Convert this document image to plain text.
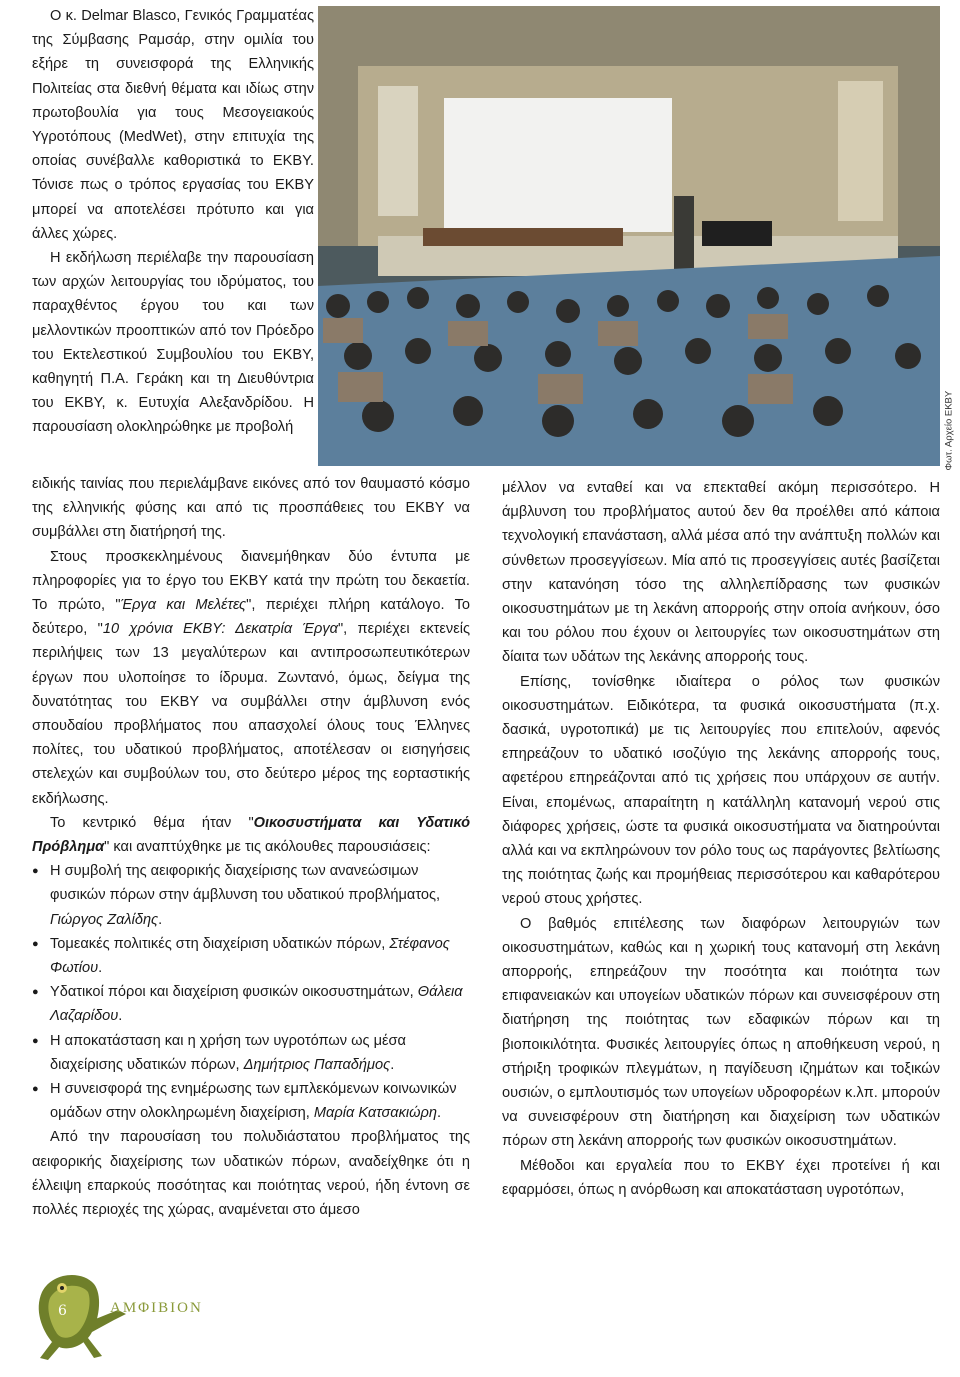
Ο κ. Delmar Blasco, Γενικός Γραμματέας της Σύμβασης Ραμσάρ, στην ομιλία του εξήρε τη συνεισφορά της Ελληνικής Πολιτείας στα διεθνή θέματα και ιδίως στην πρωτοβουλία για τους Μεσογειακούς Υγροτόπους (MedWet), στην επιτυχία της οποίας συνέβαλλε καθοριστικά το ΕΚΒΥ. Τόνισε πως ο τρόπος εργασίας του ΕΚΒΥ μπορεί να αποτελέσει πρότυπο και για άλλες χώρες.

Η εκδήλωση περιέλαβε την παρουσίαση των αρχών λειτουργίας του ιδρύματος, του παραχθέντος έργου του και των μελλοντικών προοπτικών από τον Πρόεδρο του Εκτελεστικού Συμβουλίου του ΕΚΒΥ, καθηγητή Π.Α. Γεράκη και τη Διευθύντρια του ΕΚΒΥ, κ. Ευτυχία Αλεξανδρίδου. Η παρουσίαση ολοκληρώθηκε με προβολή	Φωτ. Αρχείο ΕΚΒΥ

ειδικής ταινίας που περιελάμβανε εικόνες από τον θαυμαστό κόσμο της ελληνικής φύσης και από τις προσπάθειες του ΕΚΒΥ να συμβάλλει στη διατήρησή της.

Στους προσκεκλημένους διανεμήθηκαν δύο έντυπα με πληροφορίες για το έργο του ΕΚΒΥ κατά την πρώτη του δεκαετία. Το πρώτο, "Έργα και Μελέτες", περιέχει πλήρη κατάλογο. Το δεύτερο, "10 χρόνια ΕΚΒΥ: Δεκατρία Έργα", περιέχει εκτενείς περιλήψεις των 13 μεγαλύτερων και αντιπροσωπευτικότερων έργων που υλοποίησε το ίδρυμα. Ζωντανό, όμως, δείγμα της δυνατότητας του ΕΚΒΥ να συμβάλλει στην άμβλυνση ενός σπουδαίου προβλήματος που απασχολεί όλους τους Έλληνες πολίτες, του υδατικού προβλήματος, αποτέλεσαν οι εισηγήσεις στελεχών και συμβούλων του, στο δεύτερο μέρος της εορταστικής εκδήλωσης.

Το κεντρικό θέμα ήταν "Οικοσυστήματα και Υδατικό Πρόβλημα" και αναπτύχθηκε με τις ακόλουθες παρουσιάσεις:

● Η συμβολή της αειφορικής διαχείρισης των ανανεώσιμων φυσικών πόρων στην άμβλυνση του υδατικού προβλήματος, Γιώργος Ζαλίδης.
● Τομεακές πολιτικές στη διαχείριση υδατικών πόρων, Στέφανος Φωτίου.
● Υδατικοί πόροι και διαχείριση φυσικών οικοσυστημάτων, Θάλεια Λαζαρίδου.
● Η αποκατάσταση και η χρήση των υγροτόπων ως μέσα διαχείρισης υδατικών πόρων, Δημήτριος Παπαδήμος.
● Η συνεισφορά της ενημέρωσης των εμπλεκόμενων κοινωνικών ομάδων στην ολοκληρωμένη διαχείριση, Μαρία Κατσακιώρη.

Από την παρουσίαση του πολυδιάστατου προβλήματος της αειφορικής διαχείρισης των υδατικών πόρων, αναδείχθηκε ότι η έλλειψη επαρκούς ποσότητας και ποιότητας νερού, ήδη έντονη σε πολλές περιοχές της χώρας, αναμένεται στο άμεσο

μέλλον να ενταθεί και να επεκταθεί ακόμη περισσότερο. Η άμβλυνση του προβλήματος αυτού δεν θα προέλθει από κάποια τεχνολογική επανάσταση, αλλά μέσα από την ανάπτυξη πολλών και σύνθετων προσεγγίσεων. Μία από τις προσεγγίσεις αυτές βασίζεται στην κατανόηση τόσο της αλληλεπίδρασης των φυσικών οικοσυστημάτων με τη λεκάνη απορροής στην οποία ανήκουν, όσο και του ρόλου που έχουν οι λειτουργίες των οικοσυστημάτων στη δίαιτα των υδάτων της λεκάνης απορροής τους.

Επίσης, τονίσθηκε ιδιαίτερα ο ρόλος των φυσικών οικοσυστημάτων. Ειδικότερα, τα φυσικά οικοσυστήματα (π.χ. δασικά, υγροτοπικά) με τις λειτουργίες που επιτελούν, αφενός επηρεάζουν το υδατικό ισοζύγιο της λεκάνης απορροής τους, αφετέρου επηρεάζονται από τις χρήσεις που υπάρχουν σε αυτήν. Είναι, επομένως, απαραίτητη η κατάλληλη κατανομή νερού στις διάφορες χρήσεις, ώστε τα φυσικά οικοσυστήματα να διατηρούνται αλλά και να εκπληρώνουν τον ρόλο τους ως παράγοντες βελτίωσης της ποιότητας ζωής και προμήθειας περισσότερου και καθαρότερου νερού στους χρήστες.

Ο βαθμός επιτέλεσης των διαφόρων λειτουργιών των οικοσυστημάτων, καθώς και η χωρική τους κατανομή στη λεκάνη απορροής, επηρεάζουν την ποσότητα και ποιότητα των επιφανειακών και υπογείων υδατικών πόρων και συνεισφέρουν στη διατήρηση της ποιότητας των εδαφικών πόρων και τη βιοποικιλότητα. Φυσικές λειτουργίες όπως η αποθήκευση νερού, η στήριξη τροφικών πλεγμάτων, η παγίδευση ιζημάτων και τοξικών ουσιών, ο εμπλουτισμός των υπογείων υδροφορέων κ.λπ. μπορούν να συνεισφέρουν στη διατήρηση και διαχείριση των υδατικών πόρων στη λεκάνη απορροής των φυσικών οικοσυστημάτων.

Μέθοδοι και εργαλεία που το ΕΚΒΥ έχει προτείνει ή και εφαρμόσει, όπως η ανόρθωση και αποκατάσταση υγροτόπων,

6	ΑΜΦΙΒΙΟΝ
